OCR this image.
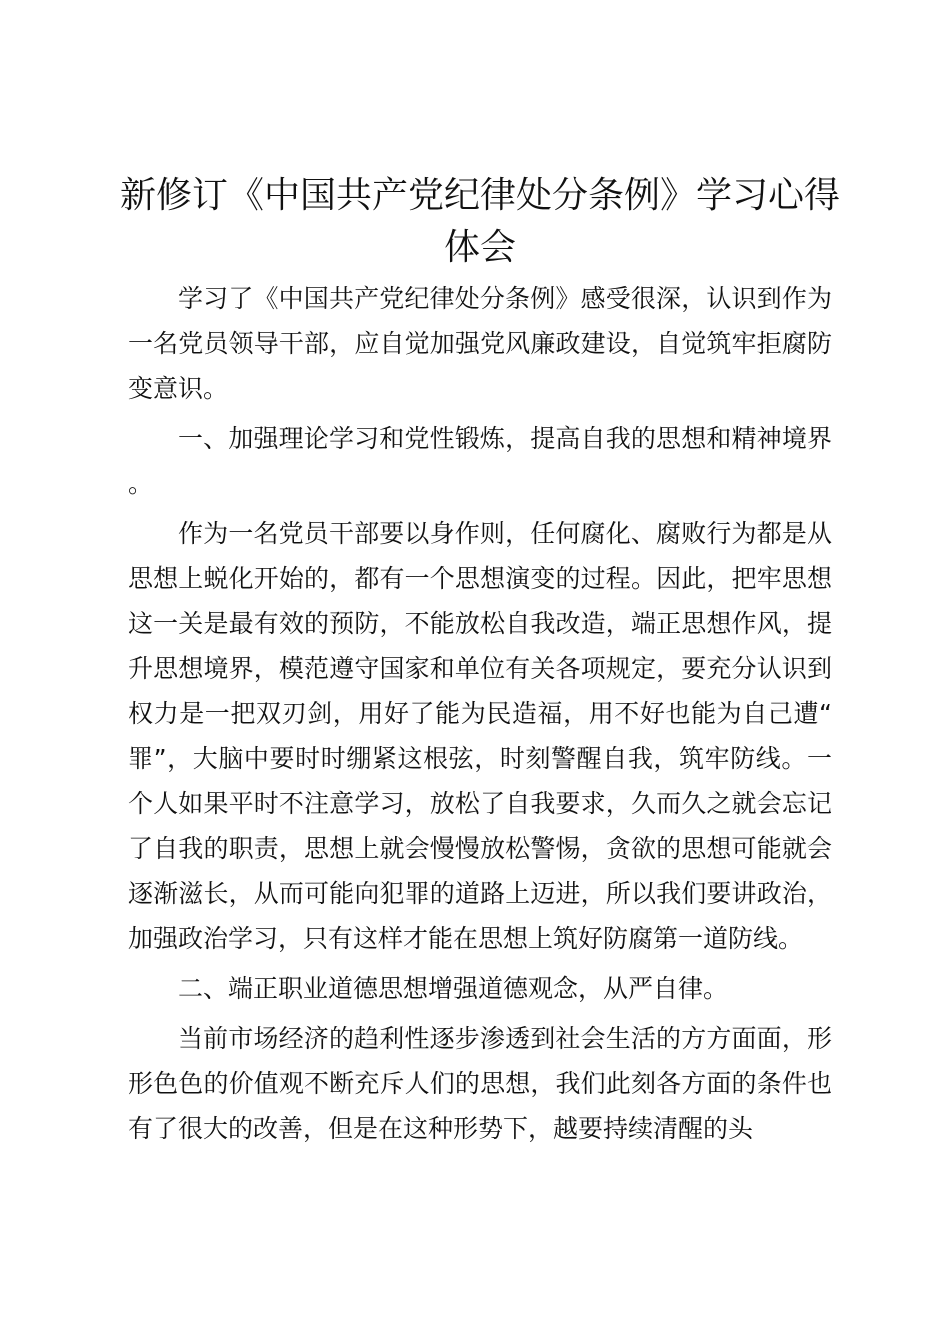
新修订《中国共产党纪律处分条例》学习心得体会

学习了《中国共产党纪律处分条例》感受很深，认识到作为一名党员领导干部，应自觉加强党风廉政建设，自觉筑牢拒腐防变意识。

一、加强理论学习和党性锻炼，提高自我的思想和精神境界。

作为一名党员干部要以身作则，任何腐化、腐败行为都是从思想上蜕化开始的，都有一个思想演变的过程。因此，把牢思想这一关是最有效的预防，不能放松自我改造，端正思想作风，提升思想境界，模范遵守国家和单位有关各项规定，要充分认识到权力是一把双刃剑，用好了能为民造福，用不好也能为自己遭“罪”，大脑中要时时绷紧这根弦，时刻警醒自我，筑牢防线。一个人如果平时不注意学习，放松了自我要求，久而久之就会忘记了自我的职责，思想上就会慢慢放松警惕，贪欲的思想可能就会逐渐滋长，从而可能向犯罪的道路上迈进，所以我们要讲政治，加强政治学习，只有这样才能在思想上筑好防腐第一道防线。

二、端正职业道德思想增强道德观念，从严自律。

当前市场经济的趋利性逐步渗透到社会生活的方方面面，形形色色的价值观不断充斥人们的思想，我们此刻各方面的条件也有了很大的改善，但是在这种形势下，越要持续清醒的头
